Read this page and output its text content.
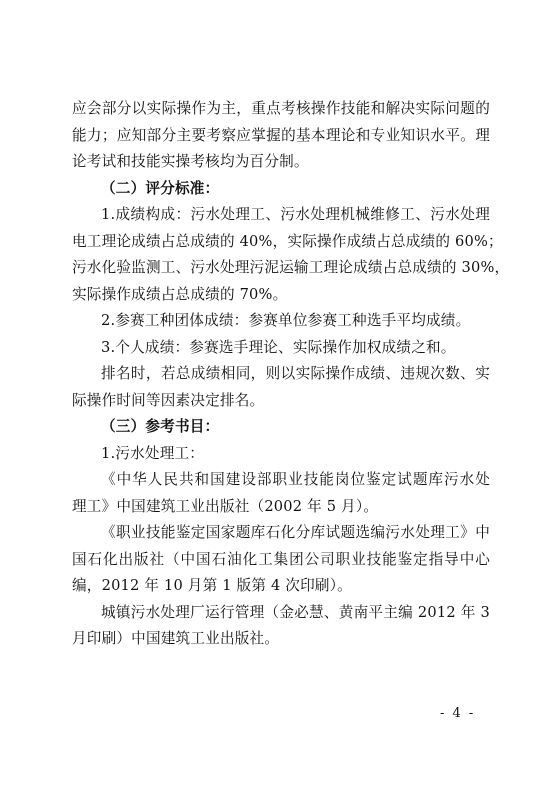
应会部分以实际操作为主，重点考核操作技能和解决实际问题的
能力；应知部分主要考察应掌握的基本理论和专业知识水平。理
论考试和技能实操考核均为百分制。
（二）评分标准：
1.成绩构成：污水处理工、污水处理机械维修工、污水处理
电工理论成绩占总成绩的 40%，实际操作成绩占总成绩的 60%；
污水化验监测工、污水处理污泥运输工理论成绩占总成绩的 30%，
实际操作成绩占总成绩的 70%。
2.参赛工种团体成绩：参赛单位参赛工种选手平均成绩。
3.个人成绩：参赛选手理论、实际操作加权成绩之和。
排名时，若总成绩相同，则以实际操作成绩、违规次数、实
际操作时间等因素决定排名。
（三）参考书目：
1.污水处理工：
《中华人民共和国建设部职业技能岗位鉴定试题库污水处
理工》中国建筑工业出版社（2002 年 5 月）。
《职业技能鉴定国家题库石化分库试题选编污水处理工》中
国石化出版社（中国石油化工集团公司职业技能鉴定指导中心
编，2012 年 10 月第 1 版第 4 次印刷）。
城镇污水处理厂运行管理（金必慧、黄南平主编 2012 年 3
月印刷）中国建筑工业出版社。
- 4 -
